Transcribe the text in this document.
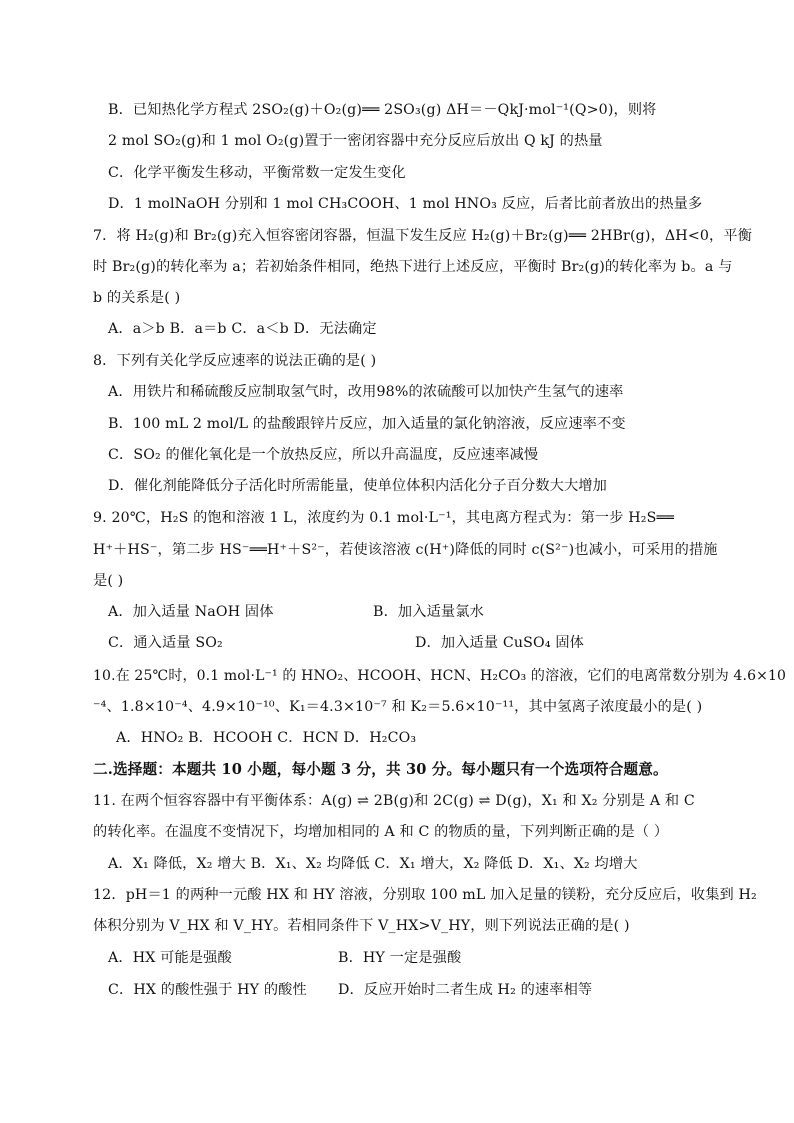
B．已知热化学方程式 2SO₂(g)＋O₂(g)══ 2SO₃(g) ΔH＝－QkJ·mol⁻¹(Q>0)，则将
2 mol SO₂(g)和 1 mol O₂(g)置于一密闭容器中充分反应后放出 Q kJ 的热量
C．化学平衡发生移动，平衡常数一定发生变化
D．1 molNaOH 分别和 1 mol CH₃COOH、1 mol HNO₃ 反应，后者比前者放出的热量多
7．将 H₂(g)和 Br₂(g)充入恒容密闭容器，恒温下发生反应 H₂(g)＋Br₂(g)══ 2HBr(g)，ΔH<0，平衡
时 Br₂(g)的转化率为 a；若初始条件相同，绝热下进行上述反应，平衡时 Br₂(g)的转化率为 b。a 与
b 的关系是( )
A．a＞b B．a＝b C．a＜b D．无法确定
8．下列有关化学反应速率的说法正确的是( )
A．用铁片和稀硫酸反应制取氢气时，改用98%的浓硫酸可以加快产生氢气的速率
B．100 mL 2 mol/L 的盐酸跟锌片反应，加入适量的氯化钠溶液，反应速率不变
C．SO₂ 的催化氧化是一个放热反应，所以升高温度，反应速率减慢
D．催化剂能降低分子活化时所需能量，使单位体积内活化分子百分数大大增加
9. 20℃，H₂S 的饱和溶液 1 L，浓度约为 0.1 mol·L⁻¹，其电离方程式为：第一步 H₂S══
H⁺＋HS⁻，第二步 HS⁻══H⁺＋S²⁻，若使该溶液 c(H⁺)降低的同时 c(S²⁻)也减小，可采用的措施
是( )
A．加入适量 NaOH 固体	B．加入适量氯水
C．通入适量 SO₂	D．加入适量 CuSO₄ 固体
10.在 25℃时，0.1 mol·L⁻¹ 的 HNO₂、HCOOH、HCN、H₂CO₃ 的溶液，它们的电离常数分别为 4.6×10
⁻⁴、1.8×10⁻⁴、4.9×10⁻¹⁰、K₁＝4.3×10⁻⁷ 和 K₂＝5.6×10⁻¹¹，其中氢离子浓度最小的是( )
A．HNO₂ B．HCOOH C．HCN D．H₂CO₃
二.选择题：本题共 10 小题，每小题 3 分，共 30 分。每小题只有一个选项符合题意。
11. 在两个恒容容器中有平衡体系：A(g) ⇌ 2B(g)和 2C(g) ⇌ D(g)，X₁ 和 X₂ 分别是 A 和 C
的转化率。在温度不变情况下，均增加相同的 A 和 C 的物质的量，下列判断正确的是（ ）
A．X₁ 降低，X₂ 增大 B．X₁、X₂ 均降低 C．X₁ 增大，X₂ 降低 D．X₁、X₂ 均增大
12．pH＝1 的两种一元酸 HX 和 HY 溶液，分别取 100 mL 加入足量的镁粉，充分反应后，收集到 H₂
体积分别为 V_HX 和 V_HY。若相同条件下 V_HX>V_HY，则下列说法正确的是( )
A．HX 可能是强酸	B．HY 一定是强酸
C．HX 的酸性强于 HY 的酸性 D．反应开始时二者生成 H₂ 的速率相等
